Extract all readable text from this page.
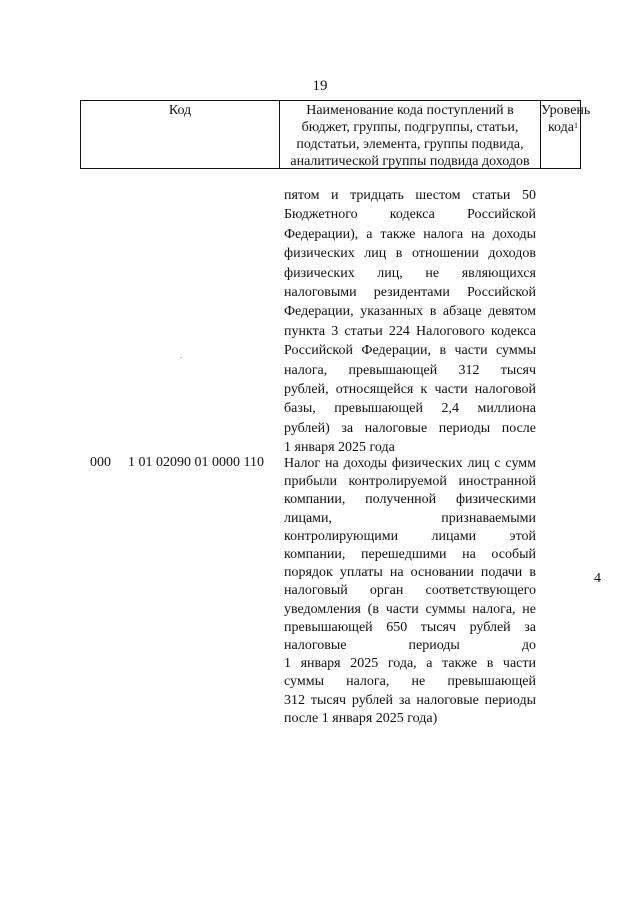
19
Код	Наименование кода поступлений в
бюджет, группы, подгруппы, статьи,
подстатьи, элемента, группы подвида,
аналитической группы подвида доходов
Уровень
кода$^1$
пятом и тридцать шестом статьи 50
Бюджетного кодекса Российской
Федерации), а также налога на доходы
физических лиц в отношении доходов
физических лиц, не являющихся
налоговыми резидентами Российской
Федерации, указанных в абзаце девятом
пункта 3 статьи 224 Налогового кодекса
Российской Федерации, в части суммы
налога, превышающей 312 тысяч
рублей, относящейся к части налоговой
базы, превышающей 2,4 миллиона
рублей) за налоговые периоды после
1 января 2025 года
000 1 01 02090 01 0000 110 Налог на доходы физических лиц с сумм
прибыли контролируемой иностранной
компании, полученной физическими
лицами, признаваемыми
контролирующими лицами этой
компании, перешедшими на особый
порядок уплаты на основании подачи в
налоговый орган соответствующего
уведомления (в части суммы налога, не
превышающей 650 тысяч рублей за
налоговые периоды до
1 января 2025 года, а также в части
суммы налога, не превышающей
312 тысяч рублей за налоговые периоды
после 1 января 2025 года)
4
